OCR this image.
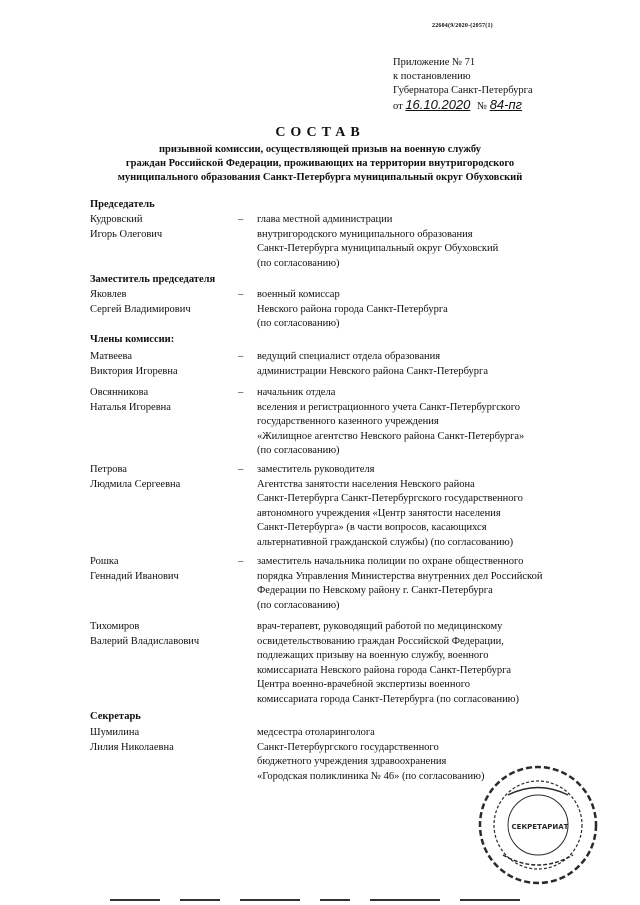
22604(9/2020-(2057(1)
Приложение № 71
к постановлению
Губернатора Санкт-Петербурга
от 16.10.2020 № 84-пг
СОСТАВ
призывной комиссии, осуществляющей призыв на военную службу
граждан Российской Федерации, проживающих на территории внутригородского
муниципального образования Санкт-Петербурга муниципальный округ Обуховский
Председатель
Кудровский
Игорь Олегович
– глава местной администрации
внутригородского муниципального образования
Санкт-Петербурга муниципальный округ Обуховский
(по согласованию)
Заместитель председателя
Яковлев
Сергей Владимирович
– военный комиссар
Невского района города Санкт-Петербурга
(по согласованию)
Члены комиссии:
Матвеева
Виктория Игоревна
– ведущий специалист отдела образования
администрации Невского района Санкт-Петербурга
Овсянникова
Наталья Игоревна
– начальник отдела
вселения и регистрационного учета Санкт-Петербургского
государственного казенного учреждения
«Жилищное агентство Невского района Санкт-Петербурга»
(по согласованию)
Петрова
Людмила Сергеевна
– заместитель руководителя
Агентства занятости населения Невского района
Санкт-Петербурга Санкт-Петербургского государственного
автономного учреждения «Центр занятости населения
Санкт-Петербурга» (в части вопросов, касающихся
альтернативной гражданской службы) (по согласованию)
Рошка
Геннадий Иванович
– заместитель начальника полиции по охране общественного
порядка Управления Министерства внутренних дел Российской
Федерации по Невскому району г. Санкт-Петербурга
(по согласованию)
Тихомиров
Валерий Владиславович
врач-терапевт, руководящий работой по медицинскому
освидетельствованию граждан Российской Федерации,
подлежащих призыву на военную службу, военного
комиссариата Невского района города Санкт-Петербурга
Центра военно-врачебной экспертизы военного
комиссариата города Санкт-Петербурга (по согласованию)
Секретарь
Шумилина
Лилия Николаевна
медсестра отоларинголога
Санкт-Петербургского государственного
бюджетного учреждения здравоохранения
«Городская поликлиника № 46» (по согласованию)
СЕКРЕТАРИАТ
